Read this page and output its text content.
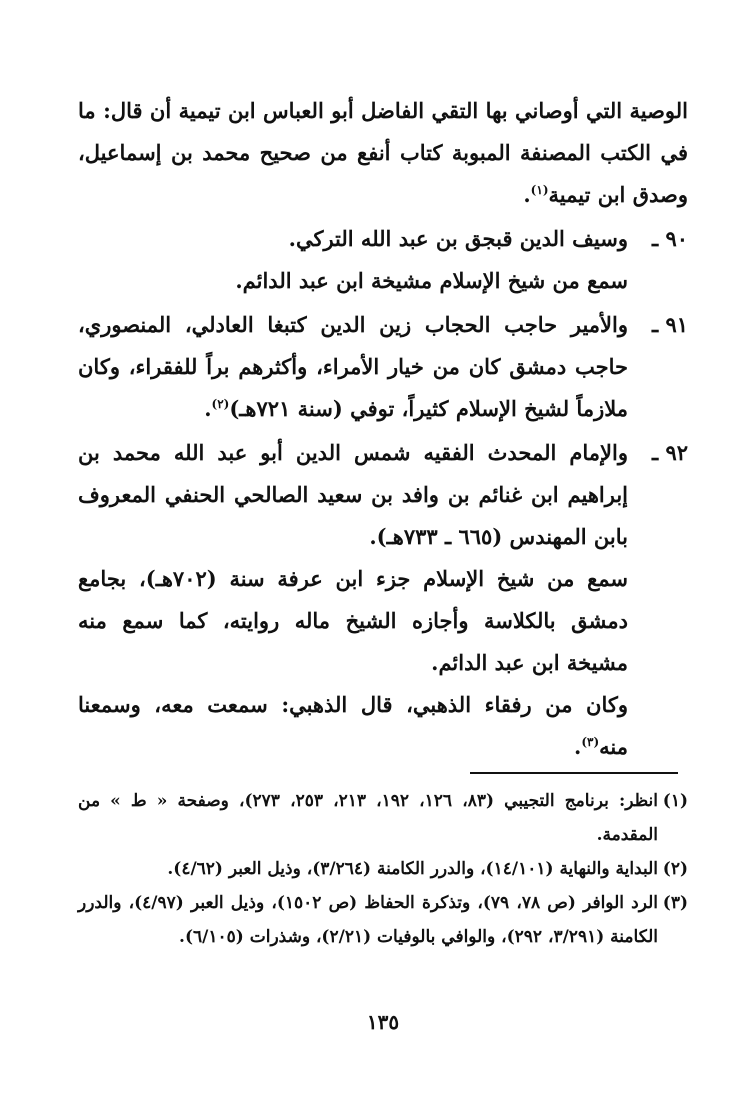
الوصية التي أوصاني بها التقي الفاضل أبو العباس ابن تيمية أن قال: ما في الكتب المصنفة المبوبة كتاب أنفع من صحيح محمد بن إسماعيل، وصدق ابن تيمية$^{(١)}$.

٩٠ ـ
وسيف الدين قبجق بن عبد الله التركي.

سمع من شيخ الإسلام مشيخة ابن عبد الدائم.

٩١ ـ
والأمير حاجب الحجاب زين الدين كتبغا العادلي، المنصوري، حاجب دمشق كان من خيار الأمراء، وأكثرهم براً للفقراء، وكان ملازماً لشيخ الإسلام كثيراً، توفي (سنة ٧٢١هـ)$^{(٢)}$.
٩٢ ـ
والإمام المحدث الفقيه شمس الدين أبو عبد الله محمد بن إبراهيم ابن غنائم بن وافد بن سعيد الصالحي الحنفي المعروف بابن المهندس (٦٦٥ ـ ٧٣٣هـ).

سمع من شيخ الإسلام جزء ابن عرفة سنة (٧٠٢هـ)، بجامع دمشق بالكلاسة وأجازه الشيخ ماله روايته، كما سمع منه مشيخة ابن عبد الدائم.

وكان من رفقاء الذهبي، قال الذهبي: سمعت معه، وسمعنا منه$^{(٣)}$.

(١)
انظر: برنامج التجيبي (٨٣، ١٢٦، ١٩٢، ٢١٣، ٢٥٣، ٢٧٣)، وصفحة « ط » من المقدمة.
(٢)
البداية والنهاية (١٤/١٠١)، والدرر الكامنة (٣/٢٦٤)، وذيل العبر (٤/٦٢).
(٣)
الرد الوافر (ص ٧٨، ٧٩)، وتذكرة الحفاظ (ص ١٥٠٢)، وذيل العبر (٤/٩٧)، والدرر الكامنة (٣/٢٩١، ٢٩٢)، والوافي بالوفيات (٢/٢١)، وشذرات (٦/١٠٥).
١٣٥
